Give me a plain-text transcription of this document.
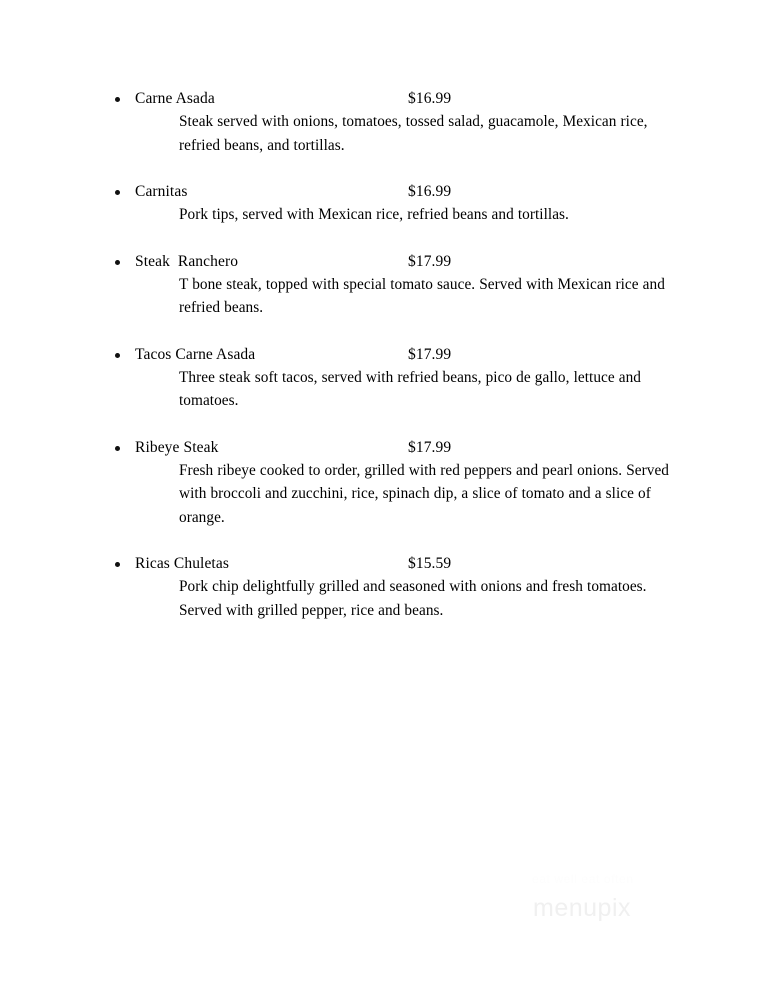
Carne Asada	$16.99

Steak served with onions, tomatoes, tossed salad, guacamole, Mexican rice, refried beans, and tortillas.

Carnitas	$16.99

Pork tips, served with Mexican rice, refried beans and tortillas.

Steak  Ranchero	$17.99

T bone steak, topped with special tomato sauce. Served with Mexican rice and refried beans.

Tacos Carne Asada	$17.99

Three steak soft tacos, served with refried beans, pico de gallo, lettuce and tomatoes.

Ribeye Steak	$17.99

Fresh ribeye cooked to order, grilled with red peppers and pearl onions. Served with broccoli and zucchini, rice, spinach dip, a slice of tomato and a slice of orange.

Ricas Chuletas	$15.59

Pork chip delightfully grilled and seasoned with onions and fresh tomatoes. Served with grilled pepper, rice and beans.

eat well eat often
menupix
